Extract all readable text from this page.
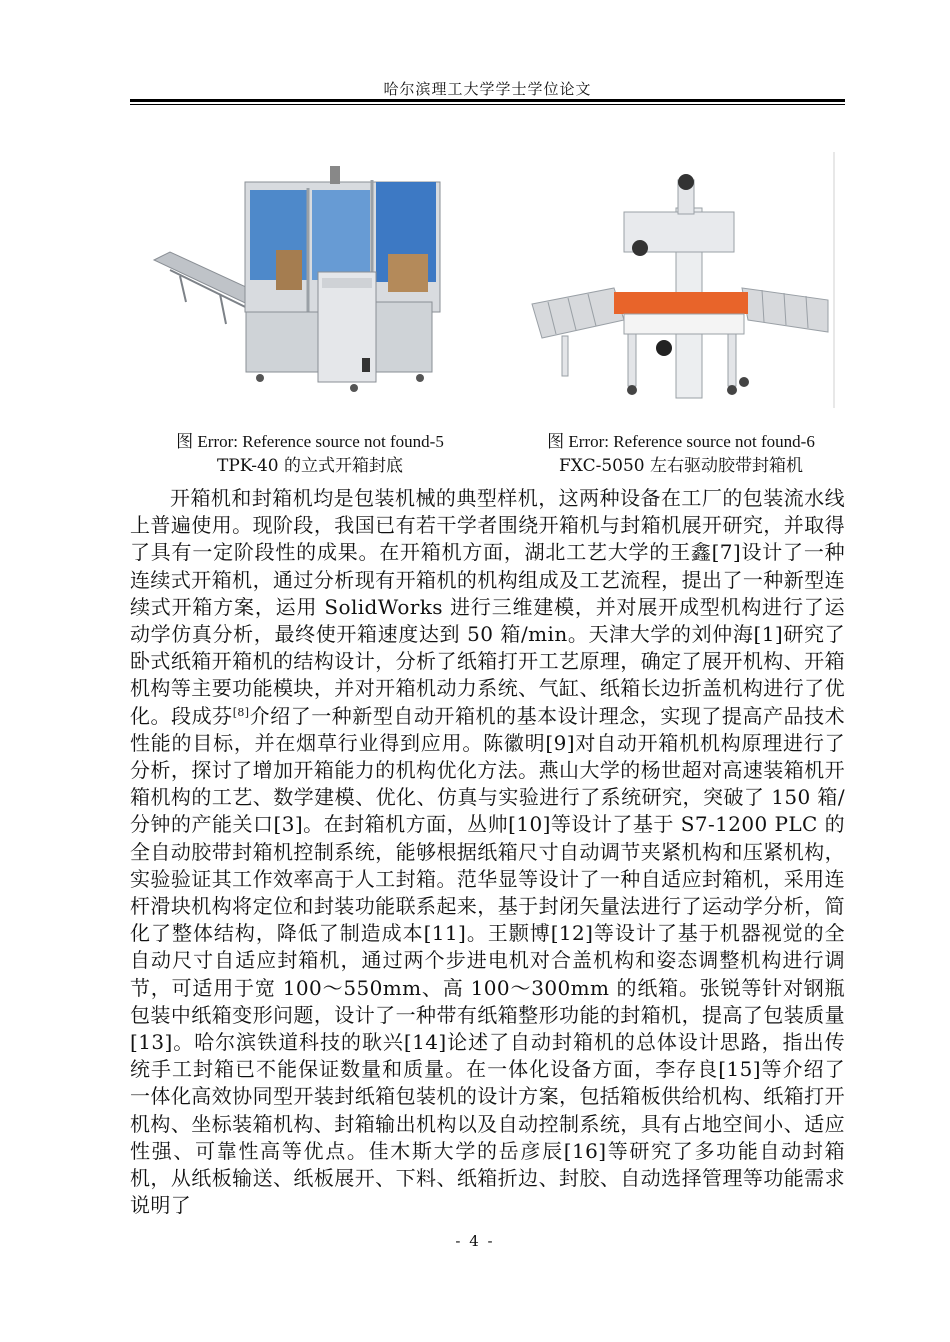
哈尔滨理工大学学士学位论文
图 Error: Reference source not found-5
TPK-40 的立式开箱封底
图 Error: Reference source not found-6
FXC-5050 左右驱动胶带封箱机

开箱机和封箱机均是包装机械的典型样机，这两种设备在工厂的包装流水线上普遍使用。现阶段，我国已有若干学者围绕开箱机与封箱机展开研究，并取得了具有一定阶段性的成果。在开箱机方面，湖北工艺大学的王鑫[7]设计了一种连续式开箱机，通过分析现有开箱机的机构组成及工艺流程，提出了一种新型连续式开箱方案，运用 SolidWorks 进行三维建模，并对展开成型机构进行了运动学仿真分析，最终使开箱速度达到 50 箱/min。天津大学的刘仲海[1]研究了卧式纸箱开箱机的结构设计，分析了纸箱打开工艺原理，确定了展开机构、开箱机构等主要功能模块，并对开箱机动力系统、气缸、纸箱长边折盖机构进行了优化。段成芬[8]介绍了一种新型自动开箱机的基本设计理念，实现了提高产品技术性能的目标，并在烟草行业得到应用。陈徽明[9]对自动开箱机机构原理进行了分析，探讨了增加开箱能力的机构优化方法。燕山大学的杨世超对高速装箱机开箱机构的工艺、数学建模、优化、仿真与实验进行了系统研究，突破了 150 箱/分钟的产能关口[3]。在封箱机方面，丛帅[10]等设计了基于 S7-1200 PLC 的全自动胶带封箱机控制系统，能够根据纸箱尺寸自动调节夹紧机构和压紧机构，实验验证其工作效率高于人工封箱。范华显等设计了一种自适应封箱机，采用连杆滑块机构将定位和封装功能联系起来，基于封闭矢量法进行了运动学分析，简化了整体结构，降低了制造成本[11]。王颢博[12]等设计了基于机器视觉的全自动尺寸自适应封箱机，通过两个步进电机对合盖机构和姿态调整机构进行调节，可适用于宽 100～550mm、高 100～300mm 的纸箱。张锐等针对钢瓶包装中纸箱变形问题，设计了一种带有纸箱整形功能的封箱机，提高了包装质量[13]。哈尔滨铁道科技的耿兴[14]论述了自动封箱机的总体设计思路，指出传统手工封箱已不能保证数量和质量。在一体化设备方面，李存良[15]等介绍了一体化高效协同型开装封纸箱包装机的设计方案，包括箱板供给机构、纸箱打开机构、坐标装箱机构、封箱输出机构以及自动控制系统，具有占地空间小、适应性强、可靠性高等优点。佳木斯大学的岳彦辰[16]等研究了多功能自动封箱机，从纸板输送、纸板展开、下料、纸箱折边、封胶、自动选择管理等功能需求说明了

- 4 -
